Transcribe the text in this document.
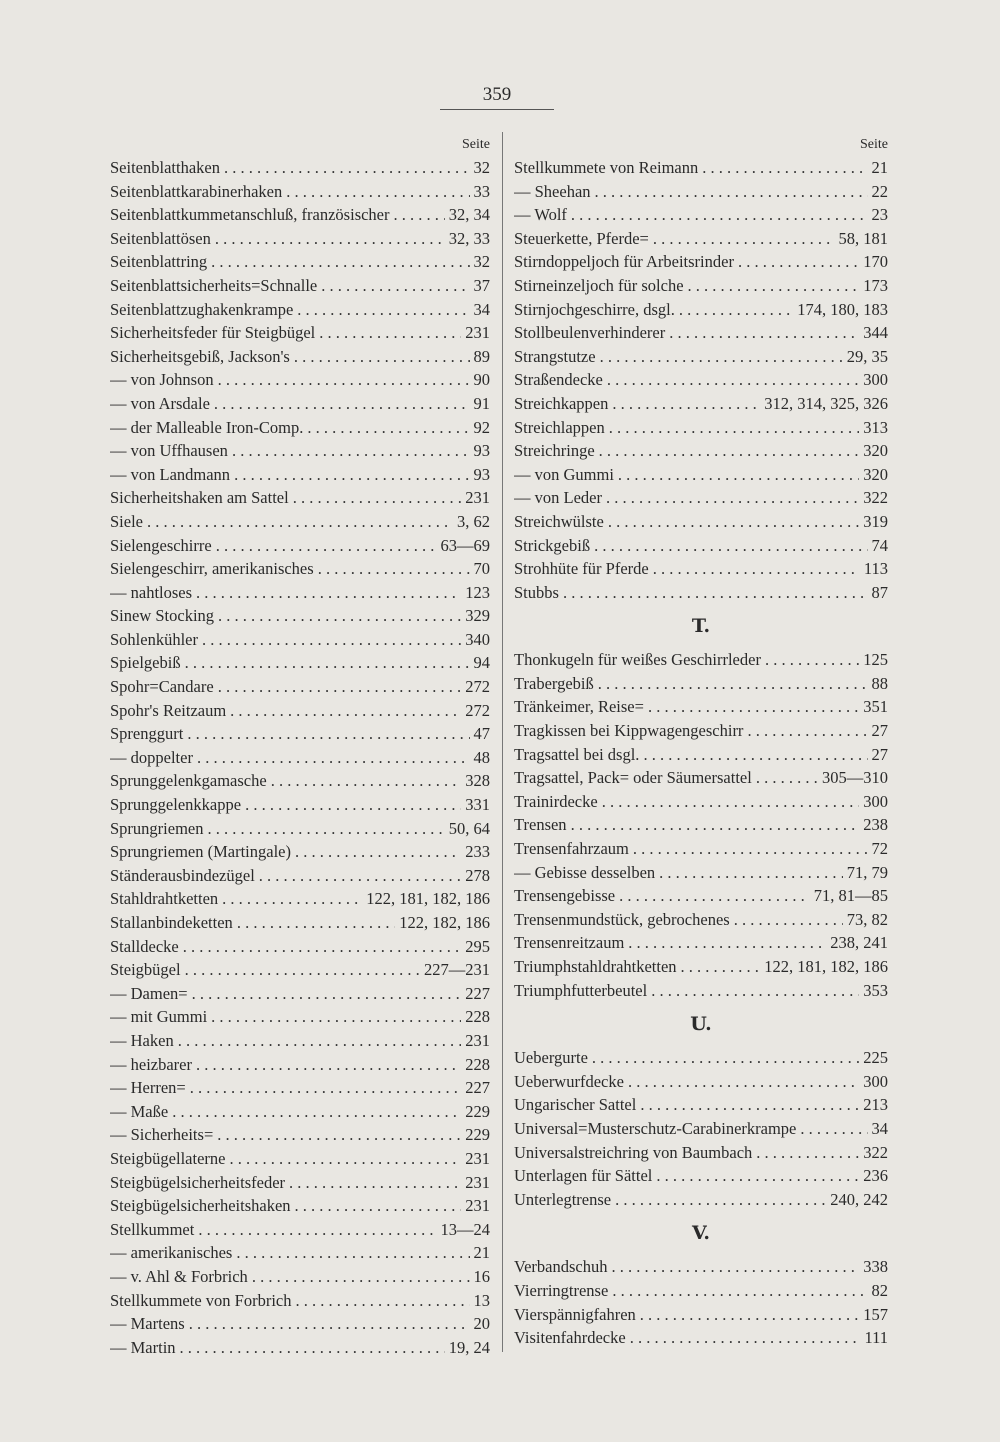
359
Seite
Seitenblatthaken . . .	32
Seitenblattkarabinerhaken . . .	33
Seitenblattkummetanschluß, französischer . . .	32, 34
Seitenblattösen . . .	32, 33
Seitenblattring . . .	32
Seitenblattsicherheits=Schnalle . . .	37
Seitenblattzughakenkrampe . . .	34
Sicherheitsfeder für Steigbügel . . .	231
Sicherheitsgebiß, Jackson's . . .	89
— von Johnson . . .	90
— von Arsdale . . .	91
— der Malleable Iron-Comp. . . .	92
— von Uffhausen . . .	93
— von Landmann . . .	93
Sicherheitshaken am Sattel . . .	231
Siele . . .	3, 62
Sielengeschirre . . .	63—69
Sielengeschirr, amerikanisches . . .	70
— nahtloses . . .	123
Sinew Stocking . . .	329
Sohlenkühler . . .	340
Spielgebiß . . .	94
Spohr=Candare . . .	272
Spohr's Reitzaum . . .	272
Sprenggurt . . .	47
— doppelter . . .	48
Sprunggelenkgamasche . . .	328
Sprunggelenkkappe . . .	331
Sprungriemen . . .	50, 64
Sprungriemen (Martingale) . . .	233
Ständerausbindezügel . . .	278
Stahldrahtketten . . .	122, 181, 182, 186
Stallanbindeketten . . .	122, 182, 186
Stalldecke . . .	295
Steigbügel . . .	227—231
— Damen= . . .	227
— mit Gummi . . .	228
— Haken . . .	231
— heizbarer . . .	228
— Herren= . . .	227
— Maße . . .	229
— Sicherheits= . . .	229
Steigbügellaterne . . .	231
Steigbügelsicherheitsfeder . . .	231
Steigbügelsicherheitshaken . . .	231
Stellkummet . . .	13—24
— amerikanisches . . .	21
— v. Ahl & Forbrich . . .	16
Stellkummete von Forbrich . . .	13
— Martens . . .	20
— Martin . . .	19, 24
Seite
Stellkummete von Reimann . . .	21
— Sheehan . . .	22
— Wolf . . .	23
Steuerkette, Pferde= . . .	58, 181
Stirndoppeljoch für Arbeitsrinder . . .	170
Stirneinzeljoch für solche . . .	173
Stirnjochgeschirre, dsgl. . . .	174, 180, 183
Stollbeulenverhinderer . . .	344
Strangstutze . . .	29, 35
Straßendecke . . .	300
Streichkappen . . .	312, 314, 325, 326
Streichlappen . . .	313
Streichringe . . .	320
— von Gummi . . .	320
— von Leder . . .	322
Streichwülste . . .	319
Strickgebiß . . .	74
Strohhüte für Pferde . . .	113
Stubbs . . .	87
T.
Thonkugeln für weißes Geschirrleder . . .	125
Trabergebiß . . .	88
Tränkeimer, Reise= . . .	351
Tragkissen bei Kippwagengeschirr . . .	27
Tragsattel bei dsgl. . . .	27
Tragsattel, Pack= oder Säumersattel . . .	305—310
Trainirdecke . . .	300
Trensen . . .	238
Trensenfahrzaum . . .	72
— Gebisse desselben . . .	71, 79
Trensengebisse . . .	71, 81—85
Trensenmundstück, gebrochenes . . .	73, 82
Trensenreitzaum . . .	238, 241
Triumphstahldrahtketten . . .	122, 181, 182, 186
Triumphfutterbeutel . . .	353
U.
Uebergurte . . .	225
Ueberwurfdecke . . .	300
Ungarischer Sattel . . .	213
Universal=Musterschutz-Carabinerkrampe . . .	34
Universalstreichring von Baumbach . . .	322
Unterlagen für Sättel . . .	236
Unterlegtrense . . .	240, 242
V.
Verbandschuh . . .	338
Vierringtrense . . .	82
Vierspännigfahren . . .	157
Visitenfahrdecke . . .	111
